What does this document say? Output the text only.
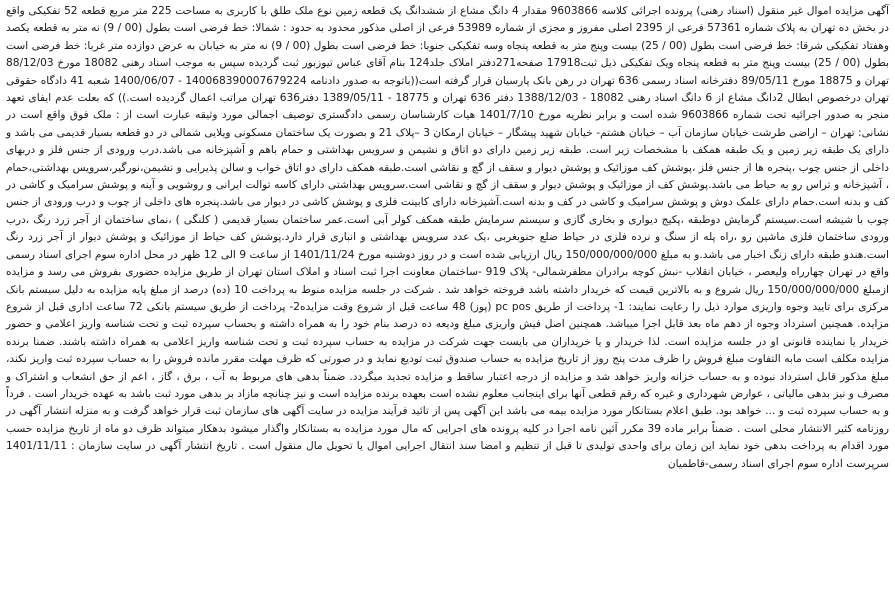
آگهی مزایده اموال غیر منقول (اسناد رهنی) پرونده اجرائی کلاسه 9603866 مقدار 4 دانگ مشاع از ششدانگ یک قطعه زمین نوع ملک طلق با کاربری به مساحت 225 متر مربع قطعه 52 تفکیکی واقع در بخش ده تهران به پلاک شماره 57361 فرعی از 2395 اصلی مفروز و مجزی از شماره 53989 فرعی از اصلی مذکور محدود به حدود : شمالا: خط فرضی است بطول (00 / 9) نه متر به قطعه یکصد وهفتاد تفکیکی شرقا: خط فرضی است بطول (00 / 25) بیست وپنج متر به قطعه پنجاه وسه تفکیکی جنوبا: خط فرضی است بطول (00 / 9) نه متر به خیابان به عرض دوازده متر غربا: خط فرضی است بطول (00 / 25) بیست وپنج متر به قطعه پنجاه ویک تفکیکی ذیل ثبت17918 صفحه271دفتر املاک جلد124 بنام آقای عباس تیوزبور ثبت گردیده سپس به موجب اسناد رهنی 18082 مورخ 88/12/03 تهران و 18875 مورخ 89/05/11 دفترخانه اسناد رسمی 636 تهران در رهن بانک پارسیان قرار گرفته است((باتوجه به صدور دادنامه 140068390007679224 - 1400/06/07 شعبه 41 دادگاه حقوقی تهران درخصوص ابطال 2دانگ مشاع از 6 دانگ اسناد رهنی 18082 - 1388/12/03 دفتر 636 تهران و 18775 - 1389/05/11 دفتر636 تهران مراتب اعمال گردیده است.)) که بعلت عدم ایفای تعهد منجر به صدور اجرائیه تحت شماره 9603866 شده است و برابر نظریه مورخ 1401/7/10 هیات کارشناسان رسمی دادگستری توصیف اجمالی مورد وثیقه عبارت است از : ملک فوق واقع است در نشانی: تهران – اراضی طرشت خیابان سازمان آب – خیابان هشتم- خیابان شهید پیشگار – خیابان ارمکان 3 –پلاک 21 و بصورت یک ساختمان مسکونی ویلایی شمالی در دو قطعه بسیار قدیمی می باشد و دارای یک طبقه زیر زمین و یک طبقه همکف با مشخصات زیر است. طبقه زیر زمین دارای دو اتاق و نشیمن و سرویس بهداشتی و حمام باهم و آشپزخانه می باشد.درب ورودی از جنس فلز و دربهای داخلی از جنس چوب ،پنجره ها از جنس فلز ،پوشش کف موزائیک و پوشش دیوار و سقف از گچ و نقاشی است.طبقه همکف دارای دو اتاق خواب و سالن پذیرایی و نشیمن،نورگیر،سرویس بهداشتی،حمام ، آشپزخانه و تراس رو به حیاط می باشد.پوشش کف از موزائیک و پوشش دیوار و سقف از گچ و نقاشی است.سرویس بهداشتی دارای کاسه توالت ایرانی و روشویی و آینه و پوشش سرامیک و کاشی در کف و بدنه است.حمام دارای علمک دوش و پوشش سرامیک و کاشی در کف و بدنه است.آشپزخانه دارای کابینت فلزی و پوشش کاشی در دیوار می باشد.پنجره های داخلی از چوب و درب ورودی از جنس چوب با شیشه است.سیستم گرمایش دوطبقه ،پکیج دیواری و بخاری گازی و سیستم سرمایش طبقه همکف کولر آبی است.عمر ساختمان بسیار قدیمی ( کلنگی ) ،نمای ساختمان از آجر زرد رنگ ،درب ورودی ساختمان فلزی ماشین رو ،راه پله از سنگ و نرده فلزی در حیاط ضلع جنوبغربی ،یک عدد سرویس بهداشتی و انباری قرار دارد.پوشش کف حیاط از موزائیک و پوشش دیوار از آجر زرد رنگ است.هندو طبقه دارای زنگ اخبار می باشد.و به مبلغ 150/000/000/000 ریال ارزیابی شده است و در روز دوشنبه مورخ 1401/11/24 از ساعت 9 الی 12 ظهر در محل اداره سوم اجرای اسناد رسمی واقع در تهران چهارراه ولیعصر ، خیابان انقلاب -نبش کوچه برادران مظفرشمالی- پلاک 919 -ساختمان معاونت اجرا ثبت اسناد و املاک استان تهران از طریق مزایده حضوری بفروش می رسد و مزایده ازمبلغ 150/000/000/000 ریال شروع و به بالاترین قیمت که خریدار داشته باشد فروخته خواهد شد . شرکت در جلسه مزایده منوط به پرداخت 10 (ده) درصد از مبلغ پایه مزایده به دلیل سیستم بانک مرکزی برای تایید وجوه واریزی موارد ذیل را رعایت نمایند: 1- پرداخت از طریق pc pos (پوز) 48 ساعت قبل از شروع وقت مزایده2- پرداخت از طریق سیستم بانکی 72 ساعت اداری قبل از شروع مزایده. همچنین استرداد وجوه از دهم ماه بعد قابل اجرا میباشد. همچنین اصل فیش واریزی مبلغ ودیعه ده درصد بنام خود را به همراه داشته و بحساب سپرده ثبت و تحت شناسه واریز اعلامی و حضور خریدار یا نماینده قانونی او در جلسه مزایده است. لذا خریدار و یا خریداران می بایست جهت شرکت در مزایده به حساب سپرده ثبت و تحت شناسه واریز اعلامی به همراه داشته باشند. ضمنا برنده مزایده مکلف است مابه التفاوت مبلغ فروش را ظرف مدت پنج روز از تاریخ مزایده به حساب صندوق ثبت تودیع نماید و در صورتی که ظرف مهلت مقرر مانده فروش را به حساب سپرده ثبت واریز نکند، مبلغ مذکور قابل استرداد نبوده و به حساب خزانه واریز خواهد شد و مزایده از درجه اعتبار ساقط و مزایده تجدید میگردد. ضمناً بدهی های مربوط به آب ، برق ، گاز ، اعم از حق انشعاب و اشتراک و مصرف و نیز بدهی مالیاتی ، عوارض شهرداری و غیره که رقم قطعی آنها برای اینجانب معلوم نشده است بعهده برنده مزایده است و نیز چنانچه مازاد بر بدهی مورد ثبت باشد به عهده خریدار است . فرداً و به حساب سپرده ثبت و ... خواهد بود. طبق اعلام بستانکار مورد مزایده بیمه می باشد این آگهی پس از تائید فرآیند مزایده در سایت آگهی های سازمان ثبت قرار خواهد گرفت و به منزله انتشار آگهی در روزنامه کثیر الانتشار محلی است . ضمناً برابر ماده 39 مکرر آئین نامه اجرا در کلیه پرونده های اجرایی که مال مورد مزایده به بستانکار واگذار میشود بدهکار میتواند ظرف دو ماه از تاریخ مزایده حسب مورد اقدام به پرداخت بدهی خود نماید این زمان برای واحدی تولیدی تا قبل از تنظیم و امضا سند انتقال اجرایی اموال یا تحویل مال منقول است . تاریخ انتشار آگهی در سایت سازمان : 1401/11/11 سرپرست اداره سوم اجرای اسناد رسمی-قاطمیان
